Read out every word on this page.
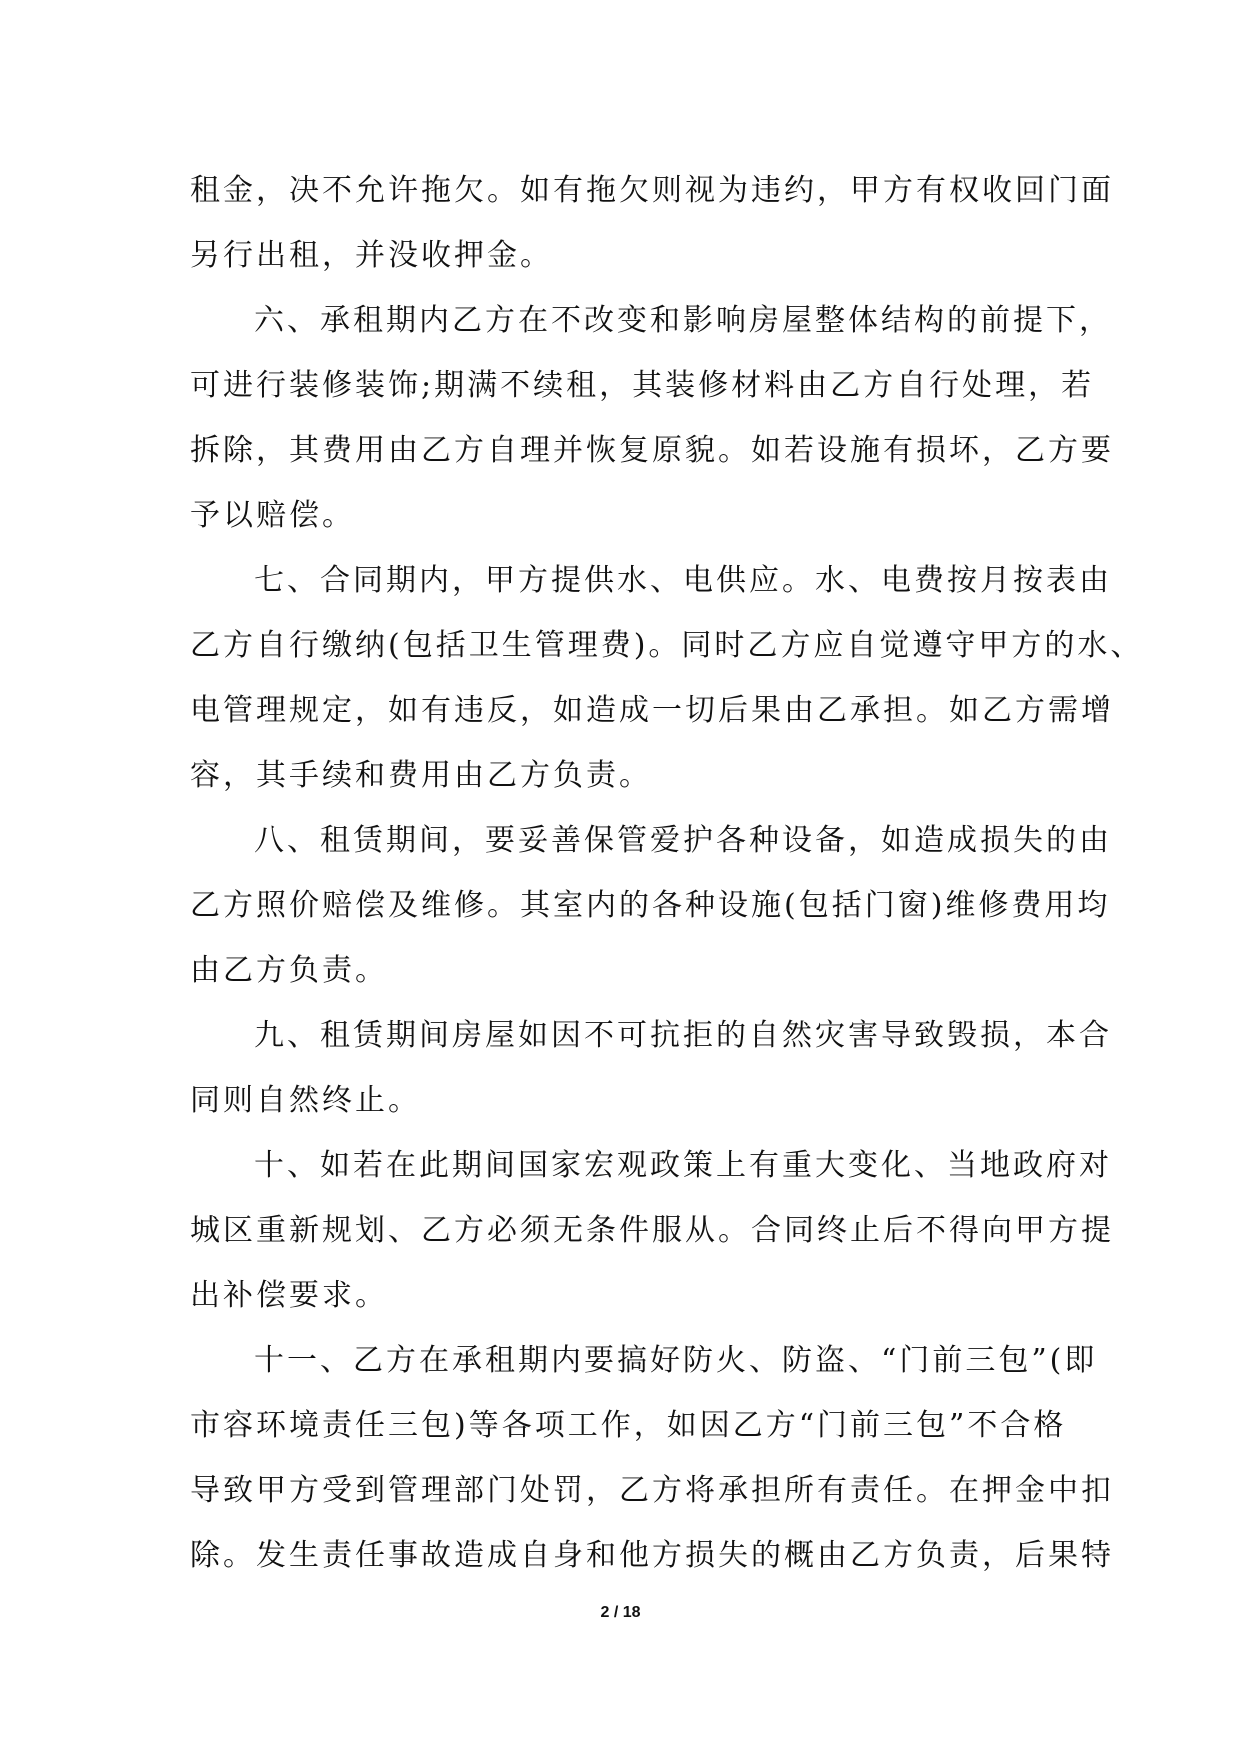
租金，决不允许拖欠。如有拖欠则视为违约，甲方有权收回门面
另行出租，并没收押金。
六、承租期内乙方在不改变和影响房屋整体结构的前提下，
可进行装修装饰;期满不续租，其装修材料由乙方自行处理，若
拆除，其费用由乙方自理并恢复原貌。如若设施有损坏，乙方要
予以赔偿。
七、合同期内，甲方提供水、电供应。水、电费按月按表由
乙方自行缴纳(包括卫生管理费)。同时乙方应自觉遵守甲方的水、
电管理规定，如有违反，如造成一切后果由乙承担。如乙方需增
容，其手续和费用由乙方负责。
八、租赁期间，要妥善保管爱护各种设备，如造成损失的由
乙方照价赔偿及维修。其室内的各种设施(包括门窗)维修费用均
由乙方负责。
九、租赁期间房屋如因不可抗拒的自然灾害导致毁损，本合
同则自然终止。
十、如若在此期间国家宏观政策上有重大变化、当地政府对
城区重新规划、乙方必须无条件服从。合同终止后不得向甲方提
出补偿要求。
十一、乙方在承租期内要搞好防火、防盗、“门前三包”(即
市容环境责任三包)等各项工作，如因乙方“门前三包”不合格
导致甲方受到管理部门处罚，乙方将承担所有责任。在押金中扣
除。发生责任事故造成自身和他方损失的概由乙方负责，后果特
2 / 18
